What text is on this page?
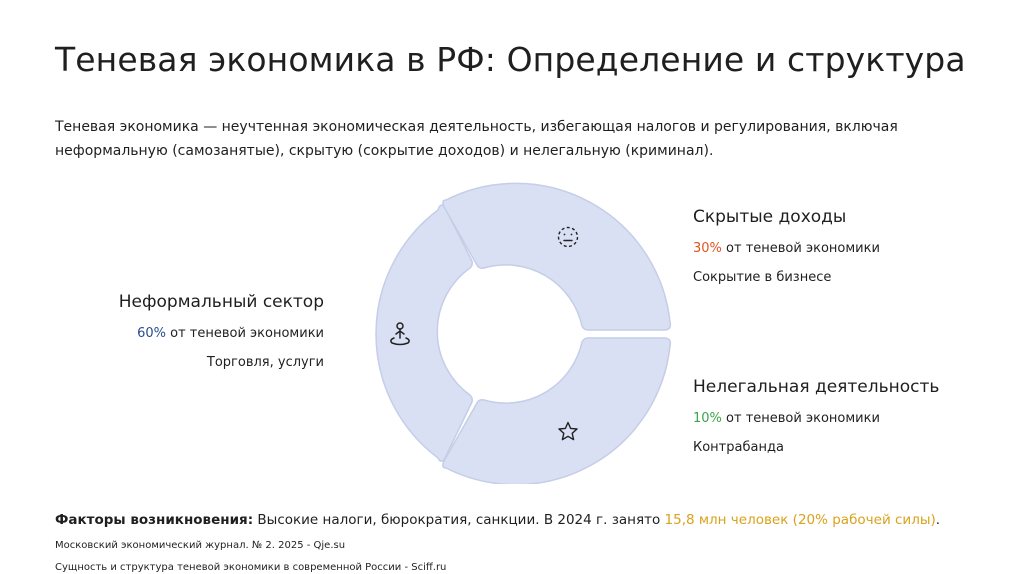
Теневая экономика в РФ: Определение и структура

Теневая экономика — неучтенная экономическая деятельность, избегающая налогов и регулирования, включая неформальную (самозанятые), скрытую (сокрытие доходов) и нелегальную (криминал).

Неформальный сектор
60% от теневой экономики
Торговля, услуги
Скрытые доходы
30% от теневой экономики
Сокрытие в бизнесе
Нелегальная деятельность
10% от теневой экономики
Контрабанда
Факторы возникновения: Высокие налоги, бюрократия, санкции. В 2024 г. занято 15,8 млн человек (20% рабочей силы).
Московский экономический журнал. № 2. 2025 - Qje.su
Сущность и структура теневой экономики в современной России - Sciff.ru
